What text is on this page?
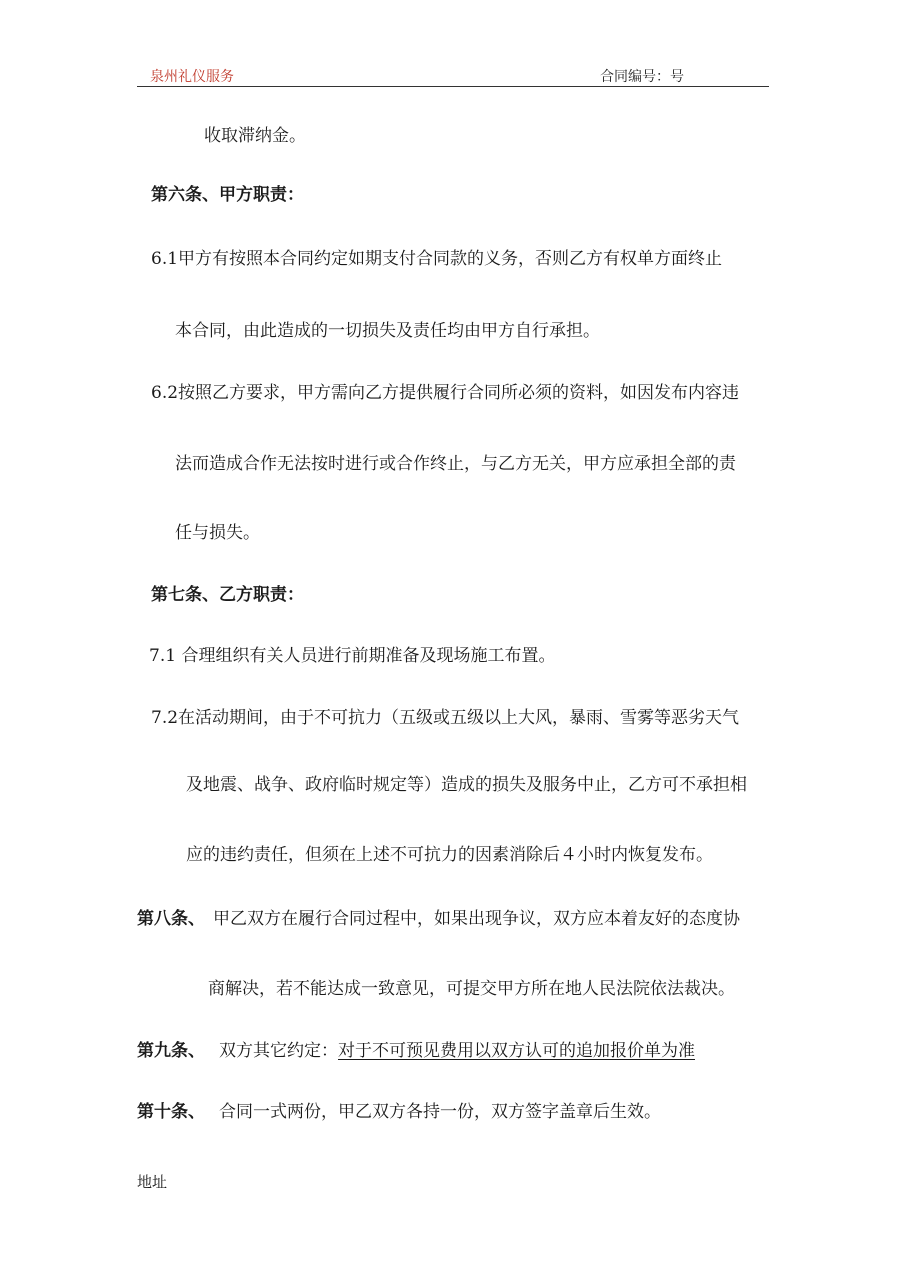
泉州礼仪服务	合同编号：号
收取滞纳金。
第六条、甲方职责：
6.1甲方有按照本合同约定如期支付合同款的义务，否则乙方有权单方面终止
本合同，由此造成的一切损失及责任均由甲方自行承担。
6.2按照乙方要求，甲方需向乙方提供履行合同所必须的资料，如因发布内容违
法而造成合作无法按时进行或合作终止，与乙方无关，甲方应承担全部的责
任与损失。
第七条、乙方职责：
7.1 合理组织有关人员进行前期准备及现场施工布置。
7.2在活动期间，由于不可抗力（五级或五级以上大风，暴雨、雪雾等恶劣天气
及地震、战争、政府临时规定等）造成的损失及服务中止，乙方可不承担相
应的违约责任，但须在上述不可抗力的因素消除后４小时内恢复发布。
第八条、 甲乙双方在履行合同过程中，如果出现争议，双方应本着友好的态度协
商解决，若不能达成一致意见，可提交甲方所在地人民法院依法裁决。
第九条、 双方其它约定：对于不可预见费用以双方认可的追加报价单为准
第十条、 合同一式两份，甲乙双方各持一份，双方签字盖章后生效。
地址
